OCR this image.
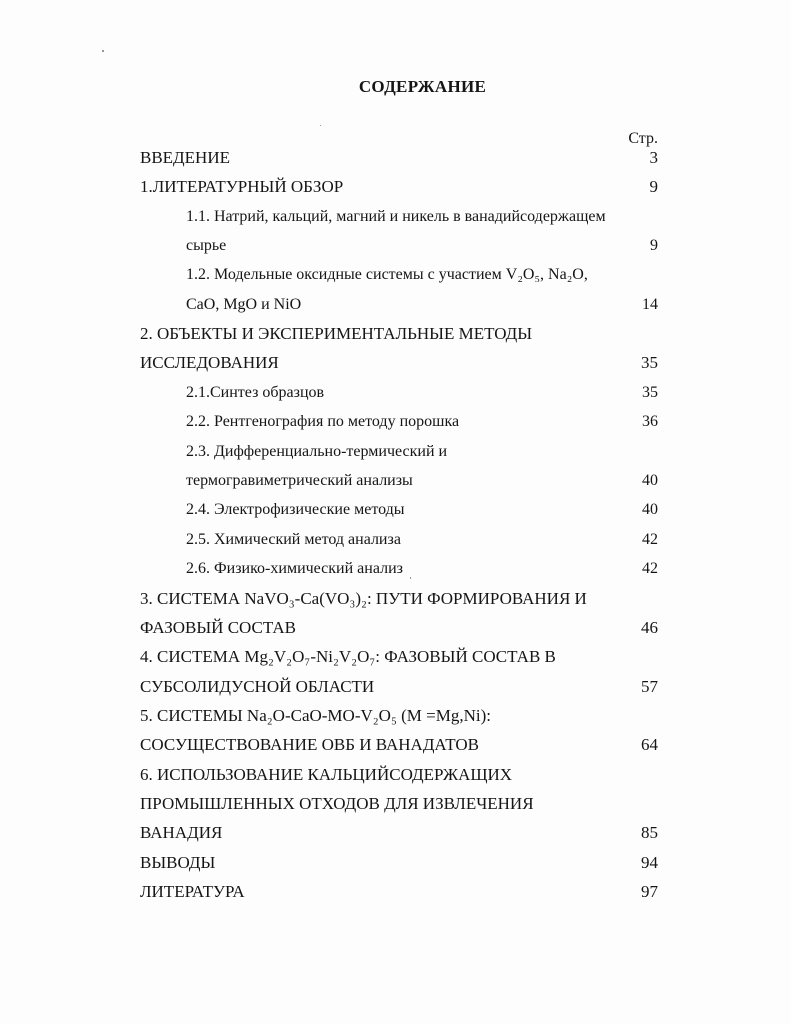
СОДЕРЖАНИЕ
Стр.
ВВЕДЕНИЕ	3
1.ЛИТЕРАТУРНЫЙ ОБЗОР	9
1.1. Натрий, кальций, магний и никель в ванадийсодержащем
сырье	9
1.2. Модельные оксидные системы с участием V₂O₅, Na₂O,
CaO, MgO и NiO	14
2. ОБЪЕКТЫ И ЭКСПЕРИМЕНТАЛЬНЫЕ МЕТОДЫ
ИССЛЕДОВАНИЯ	35
2.1.Синтез образцов	35
2.2. Рентгенография по методу порошка	36
2.3. Дифференциально-термический и
термогравиметрический анализы	40
2.4. Электрофизические методы	40
2.5. Химический метод анализа	42
2.6. Физико-химический анализ	42
3. СИСТЕМА NaVO₃-Ca(VO₃)₂: ПУТИ ФОРМИРОВАНИЯ И
ФАЗОВЫЙ СОСТАВ	46
4. СИСТЕМА Mg₂V₂O₇-Ni₂V₂O₇: ФАЗОВЫЙ СОСТАВ В
СУБСОЛИДУСНОЙ ОБЛАСТИ	57
5. СИСТЕМЫ Na₂O-CaO-MO-V₂O₅ (M =Mg,Ni):
СОСУЩЕСТВОВАНИЕ ОВБ И ВАНАДАТОВ	64
6. ИСПОЛЬЗОВАНИЕ КАЛЬЦИЙСОДЕРЖАЩИХ
ПРОМЫШЛЕННЫХ ОТХОДОВ ДЛЯ ИЗВЛЕЧЕНИЯ
ВАНАДИЯ	85
ВЫВОДЫ	94
ЛИТЕРАТУРА	97
